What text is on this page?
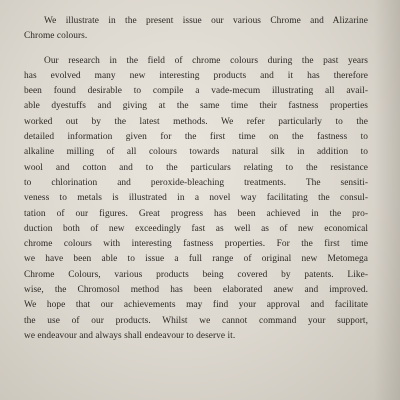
We illustrate in the present issue our various Chrome and Alizarine
Chrome colours.
Our research in the field of chrome colours during the past years
has evolved many new interesting products and it has therefore
been found desirable to compile a vade-mecum illustrating all avail-
able dyestuffs and giving at the same time their fastness properties
worked out by the latest methods. We refer particularly to the
detailed information given for the first time on the fastness to
alkaline milling of all colours towards natural silk in addition to
wool and cotton and to the particulars relating to the resistance
to chlorination and peroxide-bleaching treatments. The sensiti-
veness to metals is illustrated in a novel way facilitating the consul-
tation of our figures. Great progress has been achieved in the pro-
duction both of new exceedingly fast as well as of new economical
chrome colours with interesting fastness properties. For the first time
we have been able to issue a full range of original new Metomega
Chrome Colours, various products being covered by patents. Like-
wise, the Chromosol method has been elaborated anew and improved.
We hope that our achievements may find your approval and facilitate
the use of our products. Whilst we cannot command your support,
we endeavour and always shall endeavour to deserve it.
